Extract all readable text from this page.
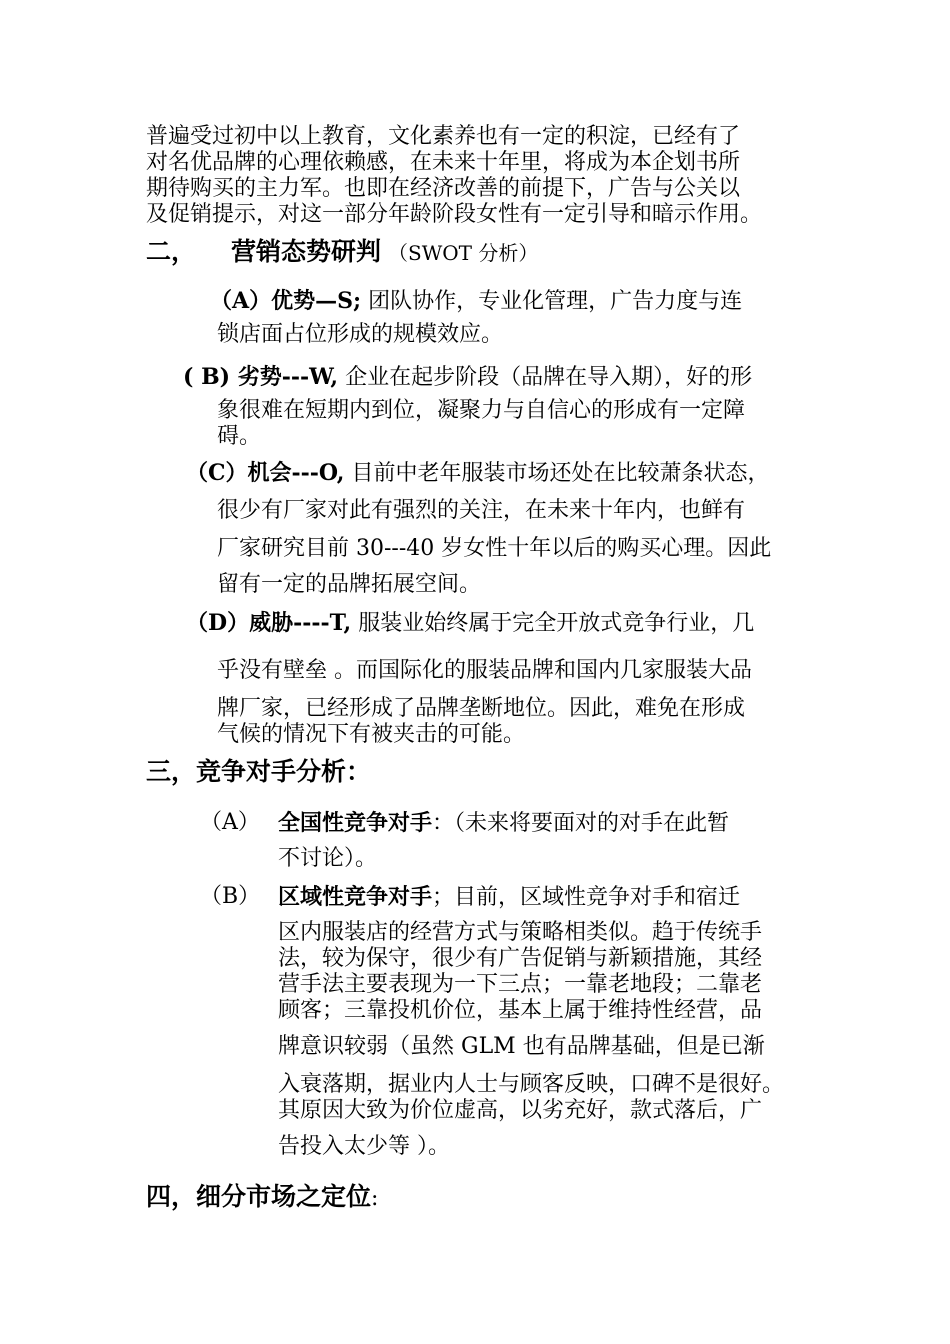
普遍受过初中以上教育，文化素养也有一定的积淀，已经有了
对名优品牌的心理依赖感，在未来十年里，将成为本企划书所
期待购买的主力军。也即在经济改善的前提下，广告与公关以
及促销提示，对这一部分年龄阶段女性有一定引导和暗示作用。
二， 营销态势研判 （SWOT 分析）
（A）优势—S; 团队协作，专业化管理，广告力度与连
锁店面占位形成的规模效应。
( B) 劣势---W, 企业在起步阶段（品牌在导入期），好的形
象很难在短期内到位，凝聚力与自信心的形成有一定障
碍。
（C）机会---O, 目前中老年服装市场还处在比较萧条状态，
很少有厂家对此有强烈的关注，在未来十年内，也鲜有
厂家研究目前 30---40 岁女性十年以后的购买心理。因此
留有一定的品牌拓展空间。
（D）威胁----T, 服装业始终属于完全开放式竞争行业，几
乎没有壁垒 。而国际化的服装品牌和国内几家服装大品
牌厂家，已经形成了品牌垄断地位。因此，难免在形成
气候的情况下有被夹击的可能。
三，竞争对手分析：
（A） 全国性竞争对手：（未来将要面对的对手在此暂
不讨论）。
（B） 区域性竞争对手；目前，区域性竞争对手和宿迁
区内服装店的经营方式与策略相类似。趋于传统手
法，较为保守，很少有广告促销与新颖措施，其经
营手法主要表现为一下三点；一靠老地段；二靠老
顾客；三靠投机价位，基本上属于维持性经营，品
牌意识较弱（虽然 GLM 也有品牌基础，但是已渐
入衰落期，据业内人士与顾客反映，口碑不是很好。
其原因大致为价位虚高，以劣充好，款式落后，广
告投入太少等 ）。
四，细分市场之定位:
